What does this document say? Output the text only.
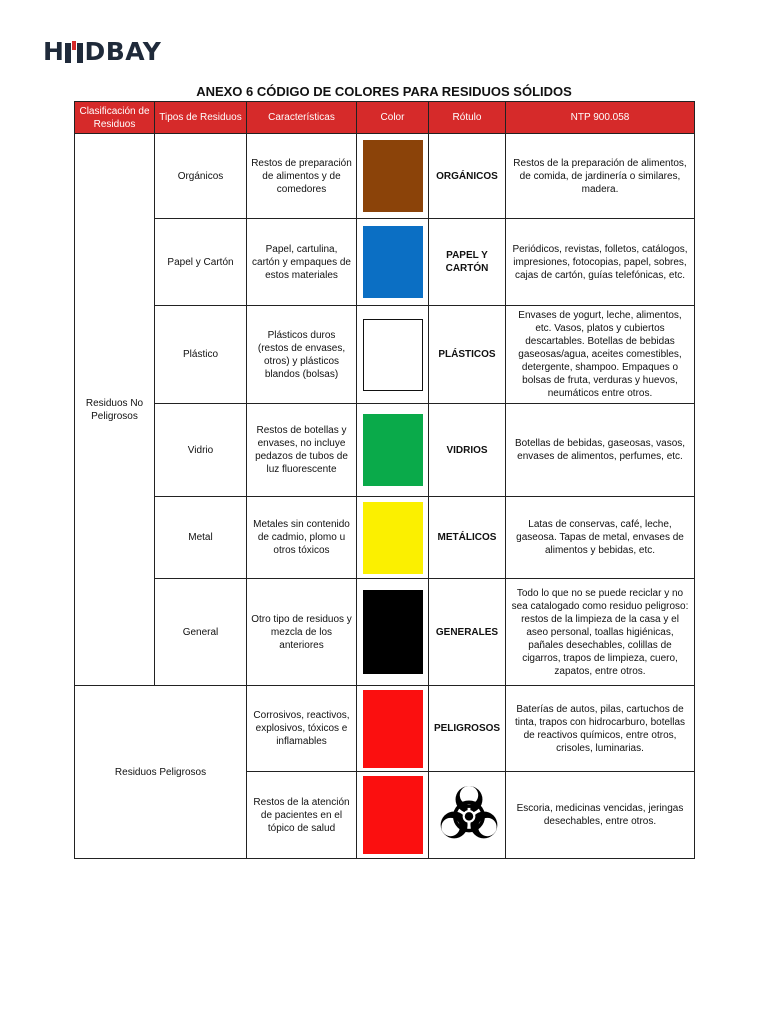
H DBAY
ANEXO 6 CÓDIGO DE COLORES PARA RESIDUOS SÓLIDOS
Clasificación de Residuos	Tipos de Residuos	Características	Color	Rótulo	NTP 900.058
Residuos No Peligrosos	Orgánicos	Restos de preparación de alimentos y de comedores		ORGÁNICOS	Restos de la preparación de alimentos, de comida, de jardinería o similares, madera.
	Papel y Cartón	Papel, cartulina, cartón y empaques de estos materiales		PAPEL Y CARTÓN	Periódicos, revistas, folletos, catálogos, impresiones, fotocopias, papel, sobres, cajas de cartón, guías telefónicas, etc.
	Plástico	Plásticos duros (restos de envases, otros) y plásticos blandos (bolsas)		PLÁSTICOS	Envases de yogurt, leche, alimentos, etc. Vasos, platos y cubiertos descartables. Botellas de bebidas gaseosas/agua, aceites comestibles, detergente, shampoo. Empaques o bolsas de fruta, verduras y huevos, neumáticos entre otros.
	Vidrio	Restos de botellas y envases, no incluye pedazos de tubos de luz fluorescente		VIDRIOS	Botellas de bebidas, gaseosas, vasos, envases de alimentos, perfumes, etc.
	Metal	Metales sin contenido de cadmio, plomo u otros tóxicos		METÁLICOS	Latas de conservas, café, leche, gaseosa. Tapas de metal, envases de alimentos y bebidas, etc.
	General	Otro tipo de residuos y mezcla de los anteriores		GENERALES	Todo lo que no se puede reciclar y no sea catalogado como residuo peligroso: restos de la limpieza de la casa y el aseo personal, toallas higiénicas, pañales desechables, colillas de cigarros, trapos de limpieza, cuero, zapatos, entre otros.
Residuos Peligrosos		Corrosivos, reactivos, explosivos, tóxicos e inflamables		PELIGROSOS	Baterías de autos, pilas, cartuchos de tinta, trapos con hidrocarburo, botellas de reactivos químicos, entre otros, crisoles, luminarias.
		Restos de la atención de pacientes en el tópico de salud			Escoria, medicinas vencidas, jeringas desechables, entre otros.
